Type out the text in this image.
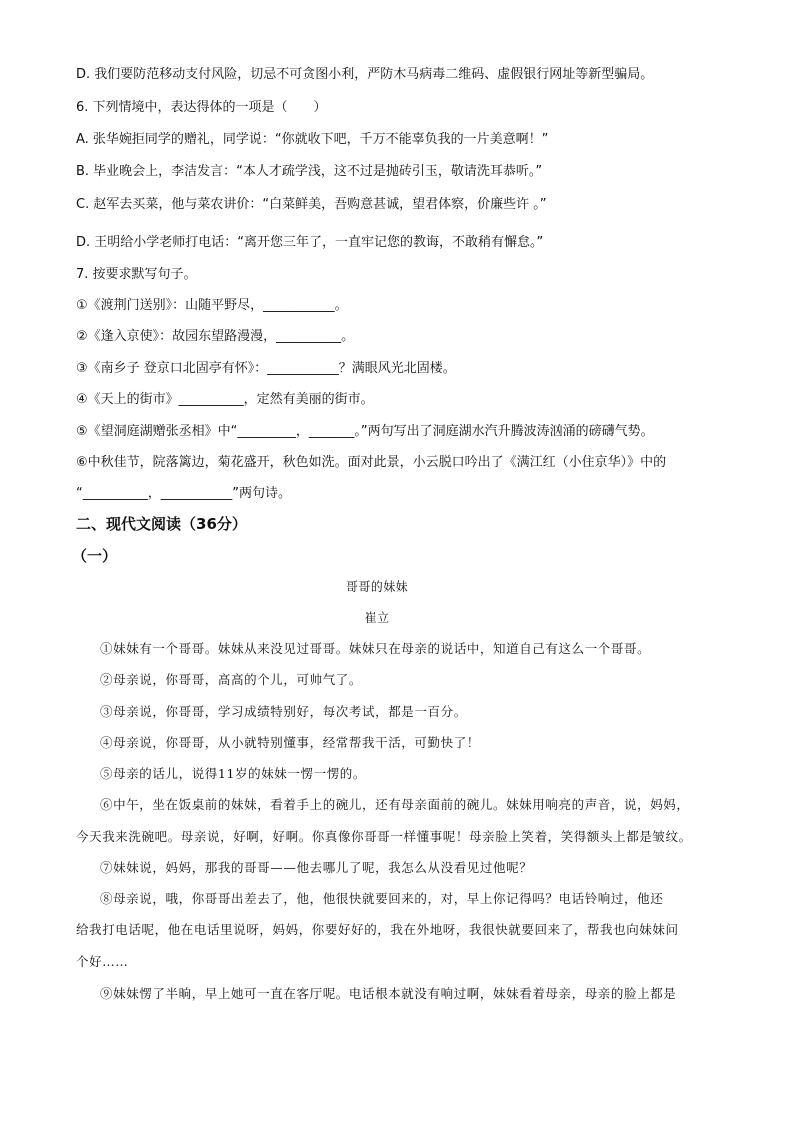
D. 我们要防范移动支付风险，切忌不可贪图小利，严防木马病毒二维码、虚假银行网址等新型骗局。
6. 下列情境中，表达得体的一项是（　　）
A. 张华婉拒同学的赠礼，同学说：“你就收下吧，千万不能辜负我的一片美意啊！”
B. 毕业晚会上，李洁发言：“本人才疏学浅，这不过是抛砖引玉，敬请洗耳恭听。”
C. 赵军去买菜，他与菜农讲价：“白菜鲜美，吾购意甚诚，望君体察，价廉些许 。”
D. 王明给小学老师打电话：“离开您三年了，一直牢记您的教诲，不敢稍有懈怠。”
7. 按要求默写句子。
①《渡荆门送别》：山随平野尽，___________。
②《逢入京使》：故园东望路漫漫，__________。
③《南乡子 登京口北固亭有怀》：___________？满眼风光北固楼。
④《天上的街市》__________，定然有美丽的街市。
⑤《望洞庭湖赠张丞相》中“_________，_______。”两句写出了洞庭湖水汽升腾波涛汹涌的磅礴气势。
⑥中秋佳节，院落篱边，菊花盛开，秋色如洗。面对此景，小云脱口吟出了《满江红（小住京华）》中的
“__________，___________”两句诗。
二、现代文阅读（36分）
（一）
哥哥的妹妹
崔立
①妹妹有一个哥哥。妹妹从来没见过哥哥。妹妹只在母亲的说话中，知道自己有这么一个哥哥。
②母亲说，你哥哥，高高的个儿，可帅气了。
③母亲说，你哥哥，学习成绩特别好，每次考试，都是一百分。
④母亲说，你哥哥，从小就特别懂事，经常帮我干活，可勤快了！
⑤母亲的话儿，说得11岁的妹妹一愣一愣的。
⑥中午，坐在饭桌前的妹妹，看着手上的碗儿，还有母亲面前的碗儿。妹妹用响亮的声音，说，妈妈，
今天我来洗碗吧。母亲说，好啊，好啊。你真像你哥哥一样懂事呢！母亲脸上笑着，笑得额头上都是皱纹。
⑦妹妹说，妈妈，那我的哥哥——他去哪儿了呢，我怎么从没看见过他呢？
⑧母亲说，哦，你哥哥出差去了，他，他很快就要回来的，对，早上你记得吗？电话铃响过，他还
给我打电话呢，他在电话里说呀，妈妈，你要好好的，我在外地呀，我很快就要回来了，帮我也向妹妹问
个好……
⑨妹妹愣了半晌，早上她可一直在客厅呢。电话根本就没有响过啊，妹妹看着母亲，母亲的脸上都是
